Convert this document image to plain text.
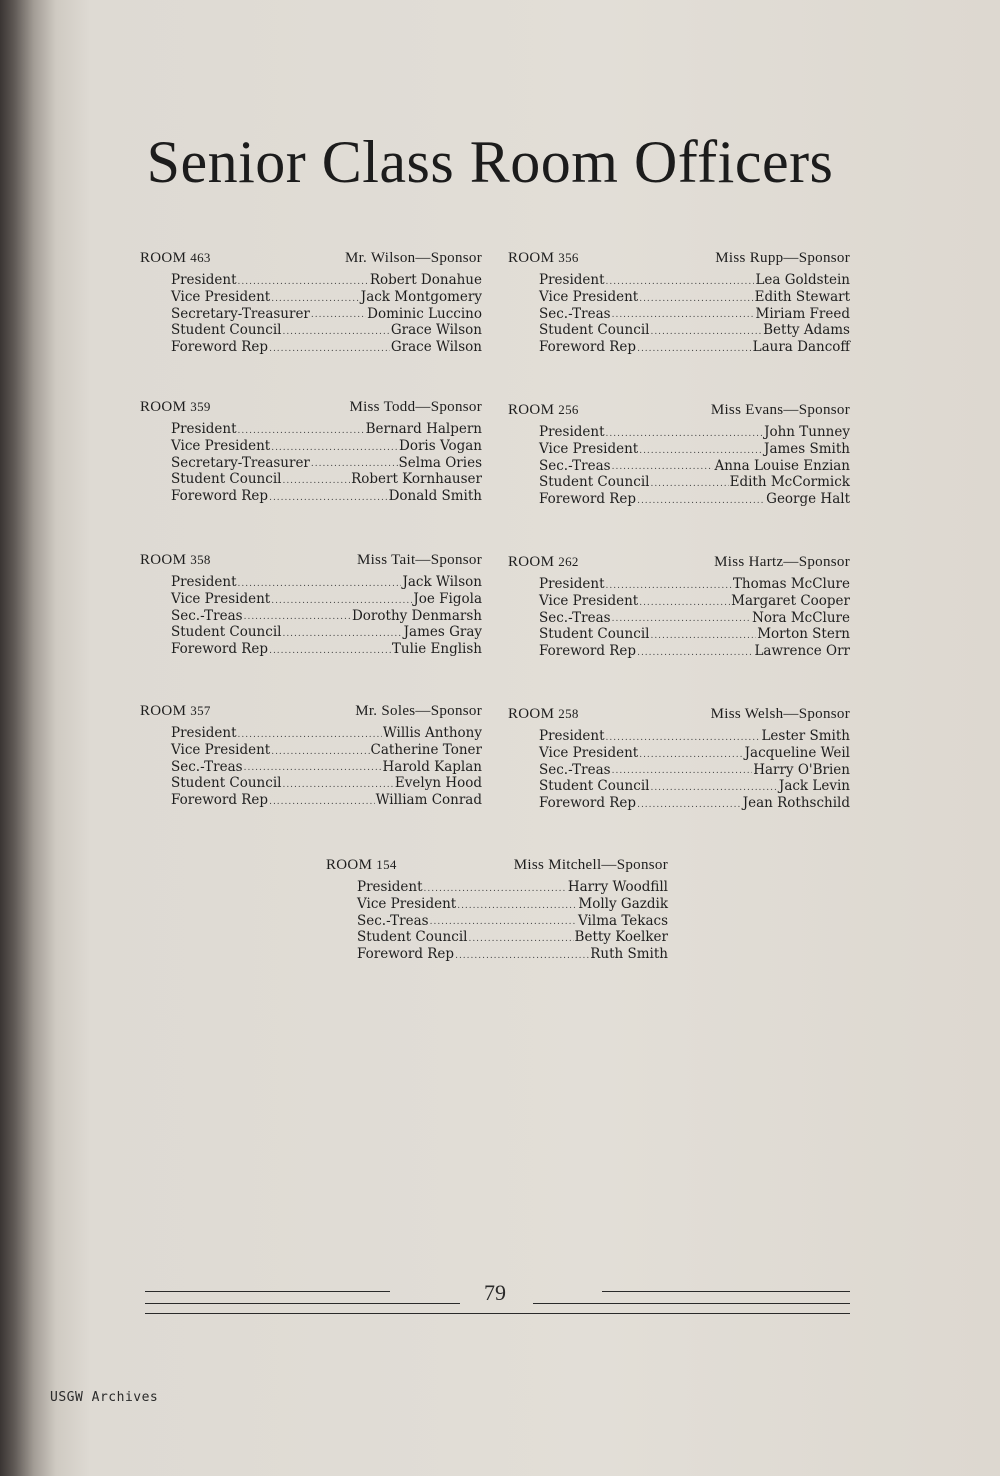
Senior Class Room Officers
ROOM 463	Mr. Wilson—Sponsor
President .....	Robert Donahue
Vice President .....	Jack Montgomery
Secretary-Treasurer .....	Dominic Luccino
Student Council .....	Grace Wilson
Foreword Rep .....	Grace Wilson
ROOM 356	Miss Rupp—Sponsor
President .....	Lea Goldstein
Vice President .....	Edith Stewart
Sec.-Treas .....	Miriam Freed
Student Council .....	Betty Adams
Foreword Rep .....	Laura Dancoff
ROOM 359	Miss Todd—Sponsor
President .....	Bernard Halpern
Vice President .....	Doris Vogan
Secretary-Treasurer .....	Selma Ories
Student Council .....	Robert Kornhauser
Foreword Rep .....	Donald Smith
ROOM 256	Miss Evans—Sponsor
President .....	John Tunney
Vice President .....	James Smith
Sec.-Treas .....	Anna Louise Enzian
Student Council .....	Edith McCormick
Foreword Rep .....	George Halt
ROOM 358	Miss Tait—Sponsor
President .....	Jack Wilson
Vice President .....	Joe Figola
Sec.-Treas .....	Dorothy Denmarsh
Student Council .....	James Gray
Foreword Rep .....	Tulie English
ROOM 262	Miss Hartz—Sponsor
President .....	Thomas McClure
Vice President .....	Margaret Cooper
Sec.-Treas .....	Nora McClure
Student Council .....	Morton Stern
Foreword Rep .....	Lawrence Orr
ROOM 357	Mr. Soles—Sponsor
President .....	Willis Anthony
Vice President .....	Catherine Toner
Sec.-Treas .....	Harold Kaplan
Student Council .....	Evelyn Hood
Foreword Rep .....	William Conrad
ROOM 258	Miss Welsh—Sponsor
President .....	Lester Smith
Vice President .....	Jacqueline Weil
Sec.-Treas .....	Harry O'Brien
Student Council .....	Jack Levin
Foreword Rep .....	Jean Rothschild
ROOM 154	Miss Mitchell—Sponsor
President .....	Harry Woodfill
Vice President .....	Molly Gazdik
Sec.-Treas .....	Vilma Tekacs
Student Council .....	Betty Koelker
Foreword Rep .....	Ruth Smith
79
USGW Archives
